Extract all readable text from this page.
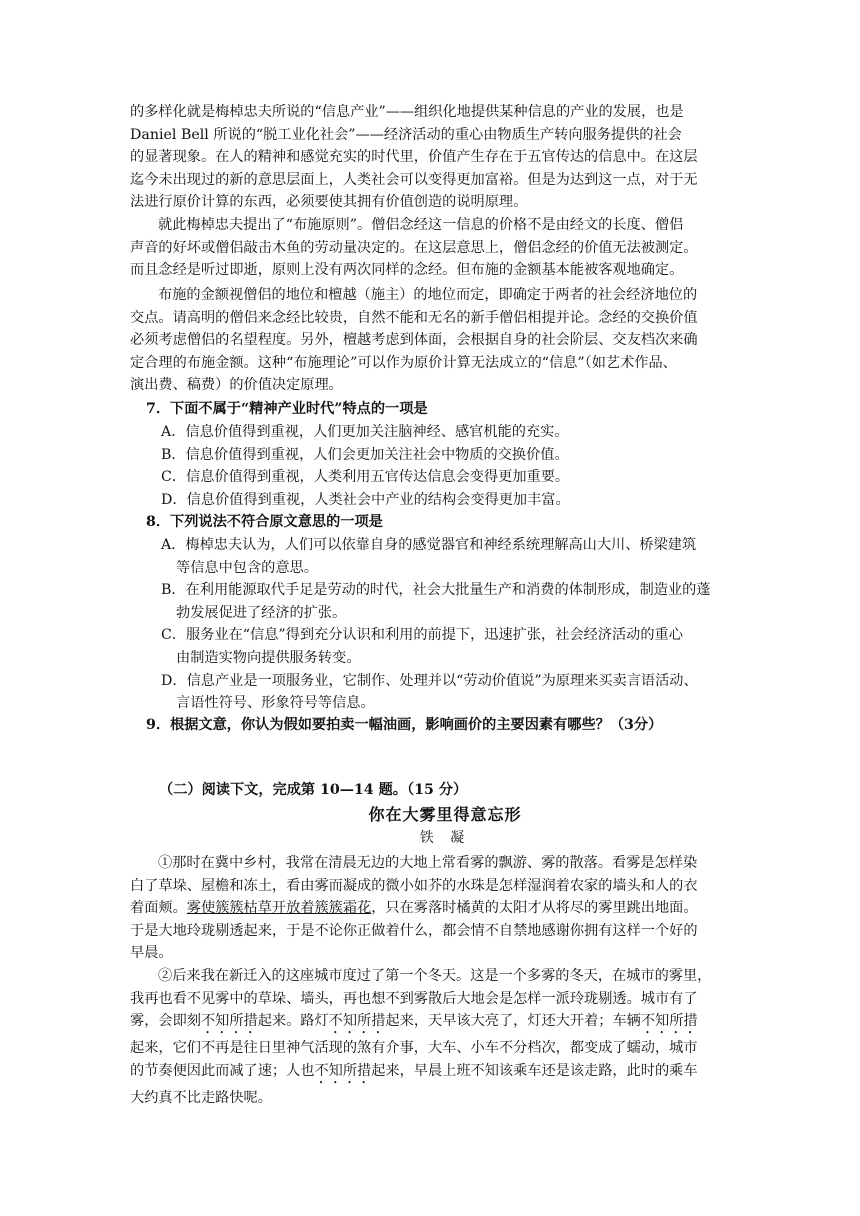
的多样化就是梅棹忠夫所说的“信息产业”——组织化地提供某种信息的产业的发展，也是
Daniel Bell 所说的“脱工业化社会”——经济活动的重心由物质生产转向服务提供的社会
的显著现象。在人的精神和感觉充实的时代里，价值产生存在于五官传达的信息中。在这层
迄今未出现过的新的意思层面上，人类社会可以变得更加富裕。但是为达到这一点，对于无
法进行原价计算的东西，必须要使其拥有价值创造的说明原理。

就此梅棹忠夫提出了“布施原则”。僧侣念经这一信息的价格不是由经文的长度、僧侣
声音的好坏或僧侣敲击木鱼的劳动量决定的。在这层意思上，僧侣念经的价值无法被测定。
而且念经是听过即逝，原则上没有两次同样的念经。但布施的金额基本能被客观地确定。

布施的金额视僧侣的地位和檀越（施主）的地位而定，即确定于两者的社会经济地位的
交点。请高明的僧侣来念经比较贵，自然不能和无名的新手僧侣相提并论。念经的交换价值
必须考虑僧侣的名望程度。另外，檀越考虑到体面，会根据自身的社会阶层、交友档次来确
定合理的布施金额。这种“布施理论”可以作为原价计算无法成立的“信息”（如艺术作品、
演出费、稿费）的价值决定原理。

7．下面不属于“精神产业时代”特点的一项是

A．信息价值得到重视，人们更加关注脑神经、感官机能的充实。
B．信息价值得到重视，人们会更加关注社会中物质的交换价值。
C．信息价值得到重视，人类利用五官传达信息会变得更加重要。
D．信息价值得到重视，人类社会中产业的结构会变得更加丰富。

8．下列说法不符合原文意思的一项是

A．梅棹忠夫认为，人们可以依靠自身的感觉器官和神经系统理解高山大川、桥梁建筑
等信息中包含的意思。
B．在利用能源取代手足是劳动的时代，社会大批量生产和消费的体制形成，制造业的蓬
勃发展促进了经济的扩张。
C．服务业在“信息”得到充分认识和利用的前提下，迅速扩张，社会经济活动的重心
由制造实物向提供服务转变。
D．信息产业是一项服务业，它制作、处理并以“劳动价值说”为原理来买卖言语活动、
言语性符号、形象符号等信息。

9．根据文意，你认为假如要拍卖一幅油画，影响画价的主要因素有哪些？（3分）

（二）阅读下文，完成第 10—14 题。（15 分）

你在大雾里得意忘形

铁 凝

①那时在冀中乡村，我常在清晨无边的大地上常看雾的飘游、雾的散落。看雾是怎样染
白了草垛、屋檐和冻土，看由雾而凝成的微小如芥的水珠是怎样湿润着农家的墙头和人的衣
着面颊。雾使簇簇枯草开放着簇簇霜花，只在雾落时橘黄的太阳才从将尽的雾里跳出地面。
于是大地玲珑剔透起来，于是不论你正做着什么，都会情不自禁地感谢你拥有这样一个好的
早晨。

②后来我在新迁入的这座城市度过了第一个冬天。这是一个多雾的冬天，在城市的雾里，
我再也看不见雾中的草垛、墙头，再也想不到雾散后大地会是怎样一派玲珑剔透。城市有了
雾，会即刻不知所措起来。路灯不知所措起来，天早该大亮了，灯还大开着；车辆不知所措
起来，它们不再是往日里神气活现的煞有介事，大车、小车不分档次，都变成了蠕动，城市
的节奏便因此而减了速；人也不知所措起来，早晨上班不知该乘车还是该走路，此时的乘车
大约真不比走路快呢。
